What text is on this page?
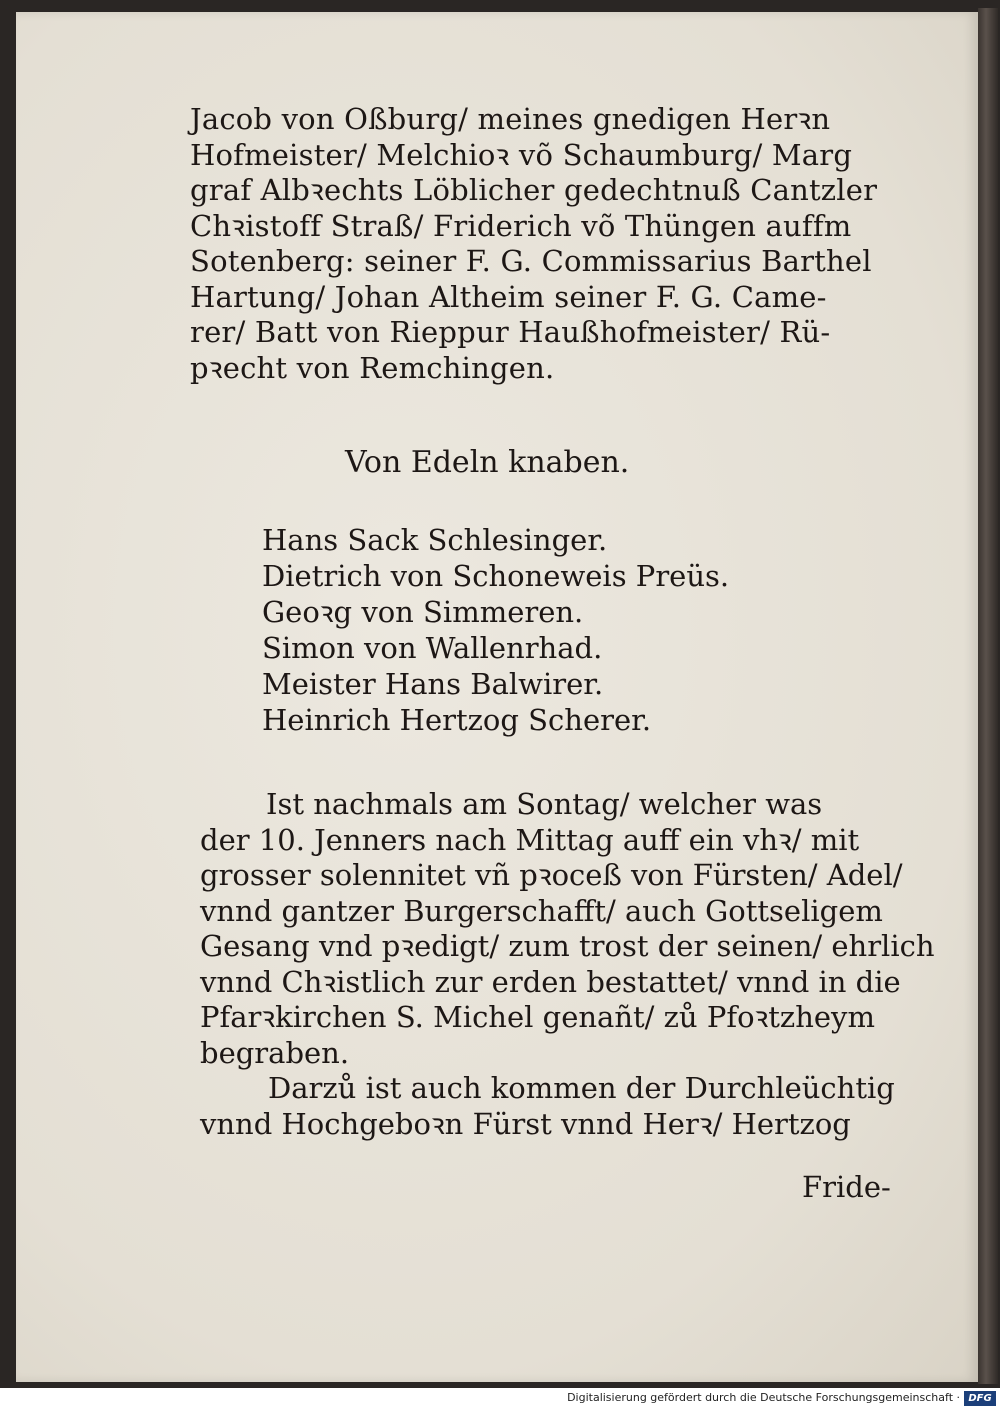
Jacob von Oßburg/ meines gnedigen Herꝛn
Hofmeister/ Melchioꝛ võ Schaumburg/ Marg
graf Albꝛechts Löblicher gedechtnuß Cantzler
Chꝛistoff Straß/ Friderich võ Thüngen auffm
Sotenberg: seiner F. G. Commissarius Barthel
Hartung/ Johan Altheim seiner F. G. Came-
rer/ Batt von Rieppur Haußhofmeister/ Rü-
pꝛecht von Remchingen.
Von Edeln knaben.
Hans Sack Schlesinger.
Dietrich von Schoneweis Preüs.
Geoꝛg von Simmeren.
Simon von Wallenrhad.
Meister Hans Balwirer.
Heinrich Hertzog Scherer.
Ist nachmals am Sontag/ welcher was
der 10. Jenners nach Mittag auff ein vhꝛ/ mit
grosser solennitet vñ pꝛoceß von Fürsten/ Adel/
vnnd gantzer Burgerschafft/ auch Gottseligem
Gesang vnd pꝛedigt/ zum trost der seinen/ ehrlich
vnnd Chꝛistlich zur erden bestattet/ vnnd in die
Pfarꝛkirchen S. Michel genañt/ zů Pfoꝛtzheym
begraben.
Darzů ist auch kommen der Durchleüchtig
vnnd Hochgeboꝛn Fürst vnnd Herꝛ/ Hertzog
Fride-
Digitalisierung gefördert durch die Deutsche Forschungsgemeinschaft · DFG
